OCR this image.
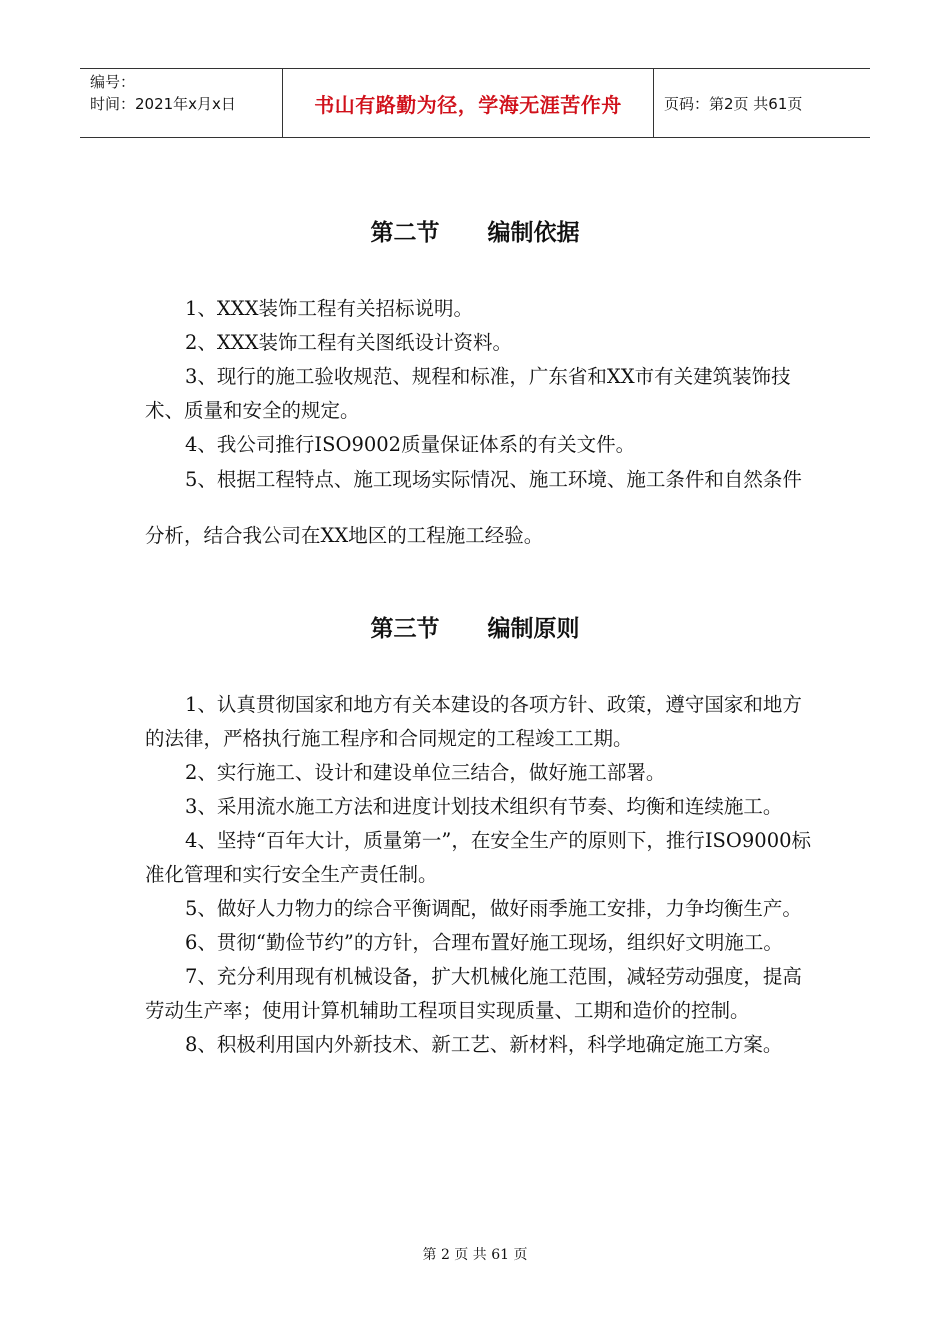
编号：
时间：2021年x月x日	书山有路勤为径，学海无涯苦作舟	页码：第2页 共61页
第二节      编制依据

1、XXX装饰工程有关招标说明。

2、XXX装饰工程有关图纸设计资料。

3、现行的施工验收规范、规程和标准，广东省和XX市有关建筑装饰技术、质量和安全的规定。

4、我公司推行ISO9002质量保证体系的有关文件。

5、根据工程特点、施工现场实际情况、施工环境、施工条件和自然条件分析，结合我公司在XX地区的工程施工经验。

第三节      编制原则

1、认真贯彻国家和地方有关本建设的各项方针、政策，遵守国家和地方的法律，严格执行施工程序和合同规定的工程竣工工期。

2、实行施工、设计和建设单位三结合，做好施工部署。

3、采用流水施工方法和进度计划技术组织有节奏、均衡和连续施工。

4、坚持“百年大计，质量第一”，在安全生产的原则下，推行ISO9000标准化管理和实行安全生产责任制。

5、做好人力物力的综合平衡调配，做好雨季施工安排，力争均衡生产。

6、贯彻“勤俭节约”的方针，合理布置好施工现场，组织好文明施工。

7、充分利用现有机械设备，扩大机械化施工范围，减轻劳动强度，提高劳动生产率；使用计算机辅助工程项目实现质量、工期和造价的控制。

8、积极利用国内外新技术、新工艺、新材料，科学地确定施工方案。

第 2 页 共 61 页
